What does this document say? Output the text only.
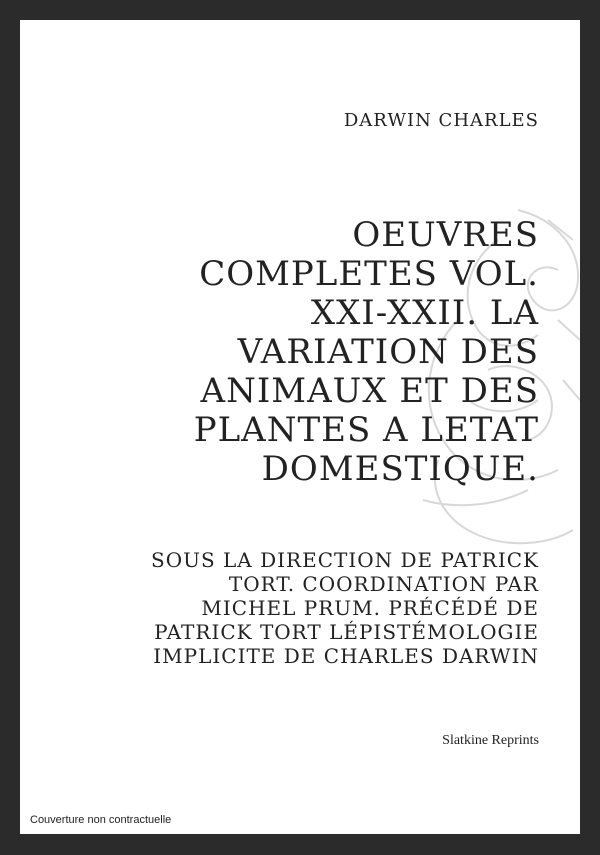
DARWIN CHARLES
OEUVRES COMPLETES VOL. XXI-XXII. LA VARIATION DES ANIMAUX ET DES PLANTES A LETAT DOMESTIQUE.
SOUS LA DIRECTION DE PATRICK TORT. COORDINATION PAR MICHEL PRUM. PRÉCÉDÉ DE PATRICK TORT LÉPISTÉMOLOGIE IMPLICITE DE CHARLES DARWIN
Slatkine Reprints
Couverture non contractuelle
